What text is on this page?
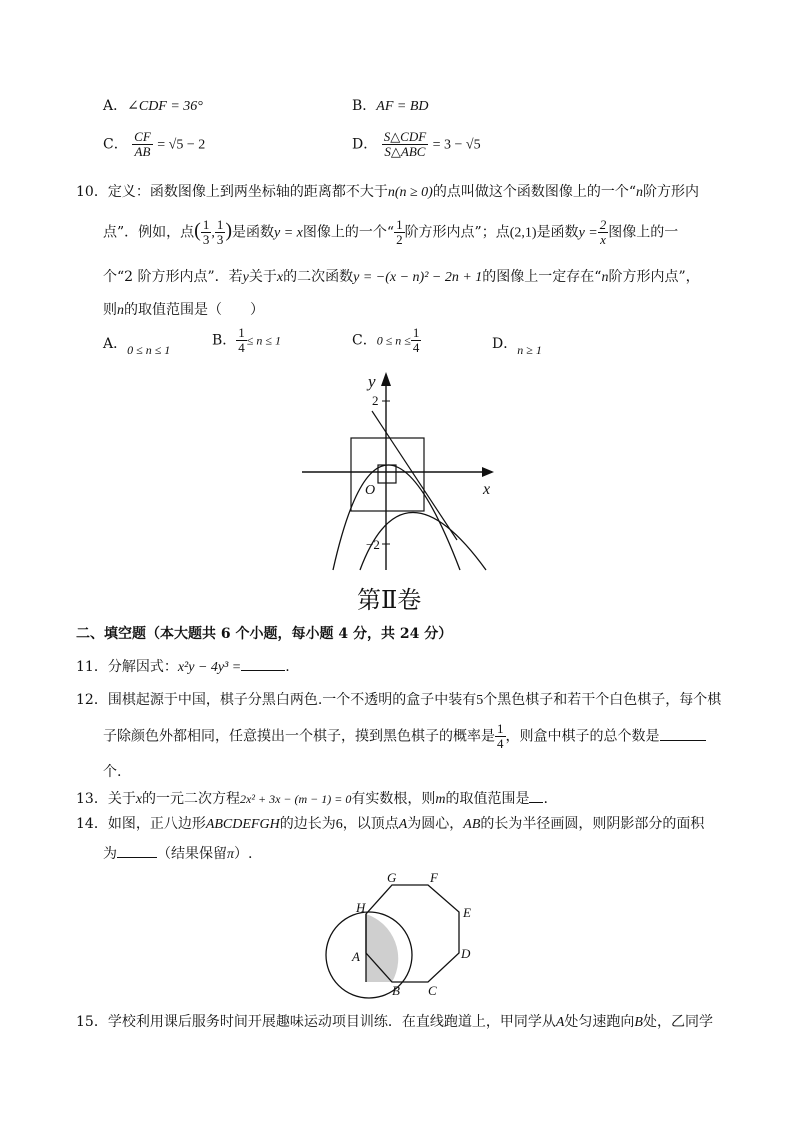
A．∠CDF = 36°	B．AF = BD
C． $\frac{CF}{AB} = √5 - 2$	D． $\frac{\text{S△CDF}}{\text{S△ABC}} = 3 - √5$
10．定义：函数图像上到两坐标轴的距离都不大于n(n ≥ 0)的点叫做这个函数图像上的一个“n阶方形内
点”．例如，点( $\frac{1}{3}$ , $\frac{1}{3}$ )是函数y = x图像上的一个“ $\frac{1}{2}$ 阶方形内点”；点(2,1)是函数$y = \frac{2}{x}$ 图像上的一
个“2 阶方形内点”．若y关于x的二次函数y = −(x − n)² − 2n + 1的图像上一定存在“n阶方形内点”，
则n的取值范围是（　　）
A．0 ≤ n ≤ 1
B． $\frac{1}{4} \le n \le 1$	C．$0 \le n \le \frac{1}{4}$	D．n ≥ 1
y
x
O
2
−2
第Ⅱ卷
二、填空题（本大题共 6 个小题，每小题 4 分，共 24 分）
11．分解因式：x²y − 4y³ =	.
12．围棋起源于中国，棋子分黑白两色.一个不透明的盒子中装有5个黑色棋子和若干个白色棋子，每个棋
子除颜色外都相同，任意摸出一个棋子，摸到黑色棋子的概率是 $\frac{1}{4}$ ，则盒中棋子的总个数是
个.
13．关于x的一元二次方程2x² + 3x − (m − 1) = 0有实数根，则m的取值范围是 .
14．如图，正八边形ABCDEFGH的边长为6，以顶点A为圆心，AB的长为半径画圆，则阴影部分的面积
为	（结果保留π）.
G	F
E
D
C
B
A
H
15．学校利用课后服务时间开展趣味运动项目训练．在直线跑道上，甲同学从A处匀速跑向B处，乙同学
